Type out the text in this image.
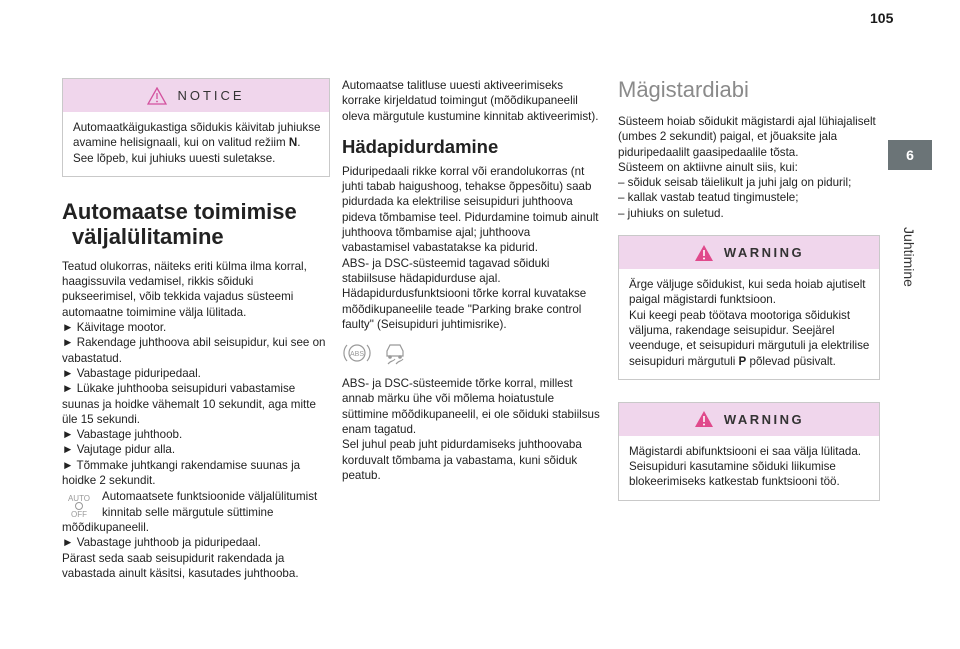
105
6
Juhtimine
NOTICE

Automaatkäigukastiga sõidukis käivitab juhiukse avamine helisignaali, kui on valitud režiim N. See lõpeb, kui juhiuks uuesti suletakse.

Automaatse toimimise
väljalülitamine

Teatud olukorras, näiteks eriti külma ilma korral, haagissuvila vedamisel, rikkis sõiduki pukseerimisel, võib tekkida vajadus süsteemi automaatne toimimine välja lülitada.

► Käivitage mootor.

► Rakendage juhthoova abil seisupidur, kui see on vabastatud.

► Vabastage piduripedaal.

► Lükake juhthooba seisupiduri vabastamise suunas ja hoidke vähemalt 10 sekundit, aga mitte üle 15 sekundi.

► Vabastage juhthoob.

► Vajutage pidur alla.

► Tõmmake juhtkangi rakendamise suunas ja hoidke 2 sekundit.

AUTO
OFF

Automaatsete funktsioonide väljalülitumist kinnitab selle märgutule süttimine mõõdikupaneelil.

► Vabastage juhthoob ja piduripedaal.

Pärast seda saab seisupidurit rakendada ja vabastada ainult käsitsi, kasutades juhthooba.

Automaatse talitluse uuesti aktiveerimiseks korrake kirjeldatud toimingut (mõõdikupaneelil oleva märgutule kustumine kinnitab aktiveerimist).

Hädapidurdamine

Piduripedaali rikke korral või erandolukorras (nt juhti tabab haigushoog, tehakse õppesõitu) saab pidurdada ka elektrilise seisupiduri juhthoova pideva tõmbamise teel. Pidurdamine toimub ainult juhthoova tõmbamise ajal; juhthoova vabastamisel vabastatakse ka pidurid.

ABS- ja DSC-süsteemid tagavad sõiduki stabiilsuse hädapidurduse ajal.

Hädapidurdusfunktsiooni tõrke korral kuvatakse mõõdikupaneelile teade "Parking brake control faulty" (Seisupiduri juhtimisrike).

ABS

ABS- ja DSC-süsteemide tõrke korral, millest annab märku ühe või mõlema hoiatustule süttimine mõõdikupaneelil, ei ole sõiduki stabiilsus enam tagatud.

Sel juhul peab juht pidurdamiseks juhthoovaba korduvalt tõmbama ja vabastama, kuni sõiduk peatub.

Mägistardiabi

Süsteem hoiab sõidukit mägistardi ajal lühiajaliselt (umbes 2 sekundit) paigal, et jõuaksite jala piduripedaalilt gaasipedaalile tõsta.

Süsteem on aktiivne ainult siis, kui:

– sõiduk seisab täielikult ja juhi jalg on piduril;

– kallak vastab teatud tingimustele;

– juhiuks on suletud.

WARNING

Ärge väljuge sõidukist, kui seda hoiab ajutiselt paigal mägistardi funktsioon.

Kui keegi peab töötava mootoriga sõidukist väljuma, rakendage seisupidur. Seejärel veenduge, et seisupiduri märgutuli ja elektrilise seisupiduri märgutuli P põlevad püsivalt.

WARNING

Mägistardi abifunktsiooni ei saa välja lülitada. Seisupiduri kasutamine sõiduki liikumise blokeerimiseks katkestab funktsiooni töö.
